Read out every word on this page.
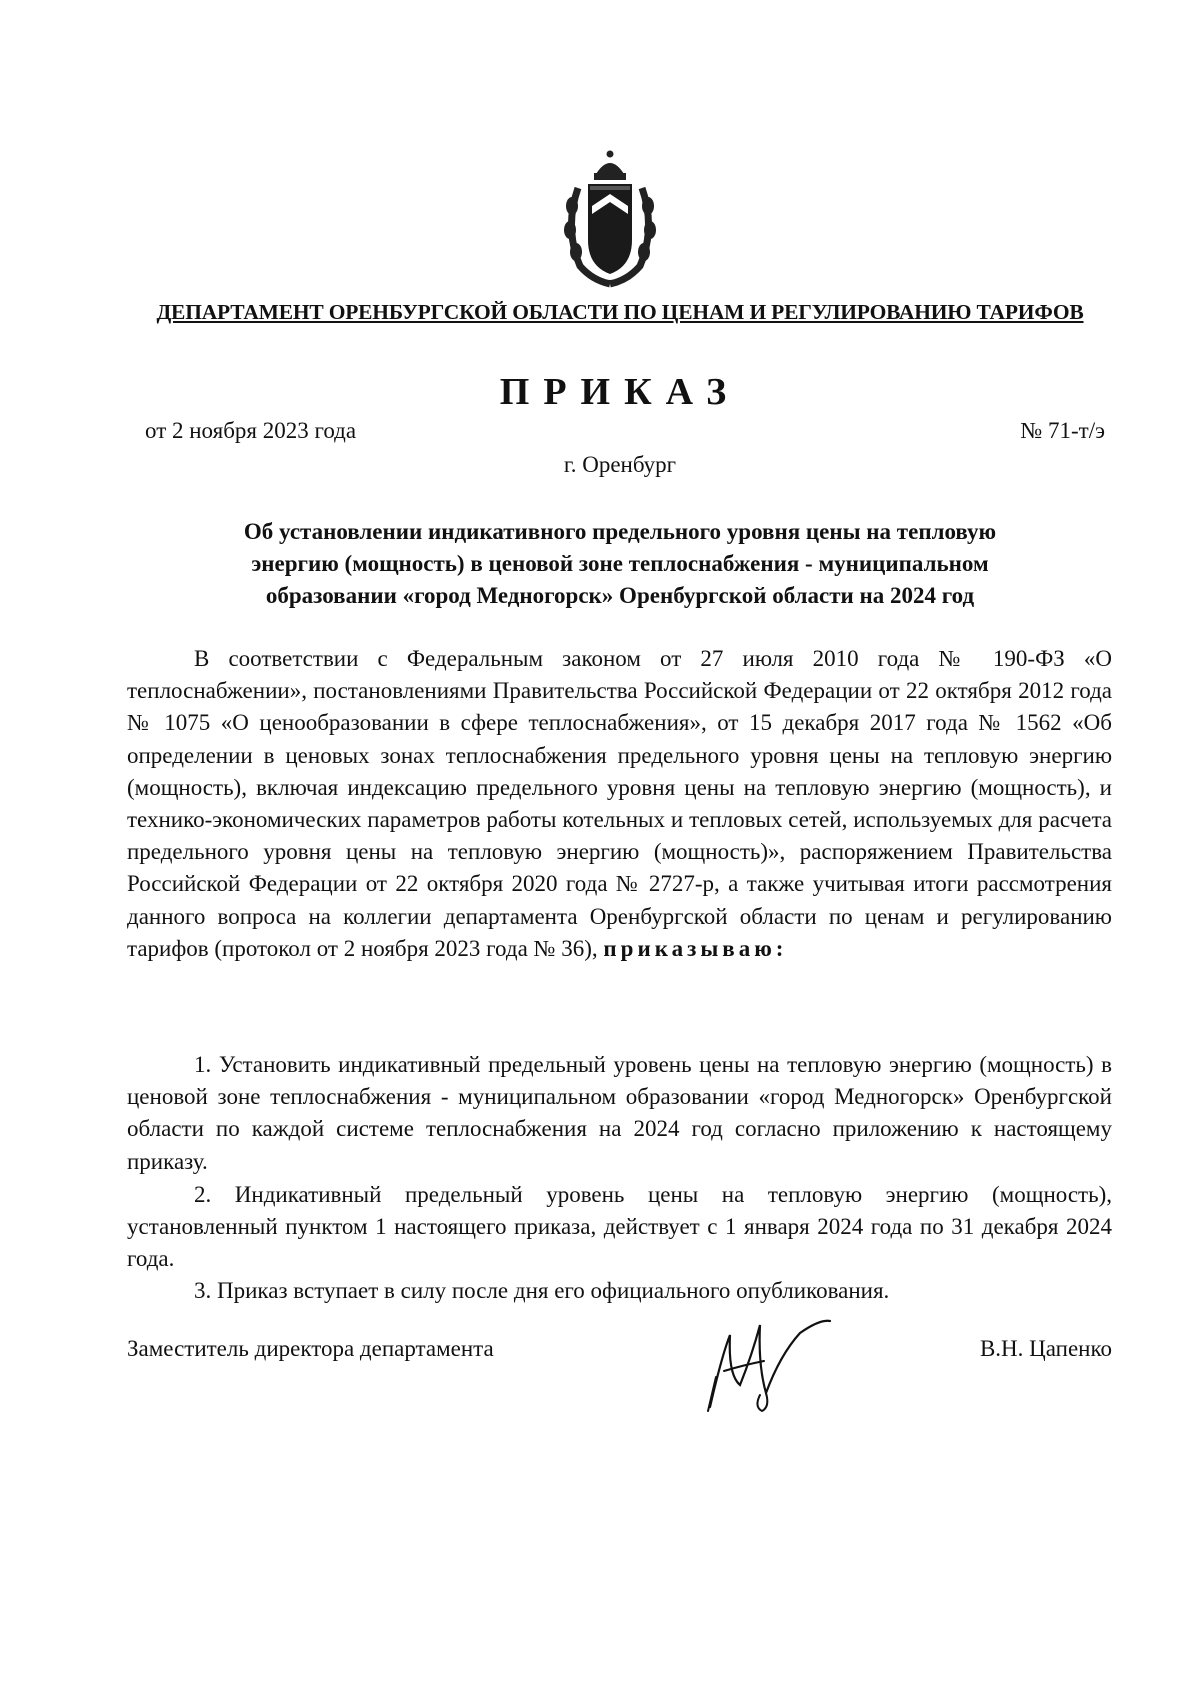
ДЕПАРТАМЕНТ ОРЕНБУРГСКОЙ ОБЛАСТИ ПО ЦЕНАМ И РЕГУЛИРОВАНИЮ ТАРИФОВ
ПРИКАЗ
от 2 ноября 2023 года	№ 71-т/э
г. Оренбург
Об установлении индикативного предельного уровня цены на тепловую
энергию (мощность) в ценовой зоне теплоснабжения - муниципальном
образовании «город Медногорск» Оренбургской области на 2024 год
В соответствии с Федеральным законом от 27 июля 2010 года № 190-ФЗ «О теплоснабжении», постановлениями Правительства Российской Федерации от 22 октября 2012 года № 1075 «О ценообразовании в сфере теплоснабжения», от 15 декабря 2017 года № 1562 «Об определении в ценовых зонах теплоснабжения предельного уровня цены на тепловую энергию (мощность), включая индексацию предельного уровня цены на тепловую энергию (мощность), и технико-экономических параметров работы котельных и тепловых сетей, используемых для расчета предельного уровня цены на тепловую энергию (мощность)», распоряжением Правительства Российской Федерации от 22 октября 2020 года № 2727-р, а также учитывая итоги рассмотрения данного вопроса на коллегии департамента Оренбургской области по ценам и регулированию тарифов (протокол от 2 ноября 2023 года № 36), приказываю:
1. Установить индикативный предельный уровень цены на тепловую энергию (мощность) в ценовой зоне теплоснабжения - муниципальном образовании «город Медногорск» Оренбургской области по каждой системе теплоснабжения на 2024 год согласно приложению к настоящему приказу.
2. Индикативный предельный уровень цены на тепловую энергию (мощность), установленный пунктом 1 настоящего приказа, действует с 1 января 2024 года по 31 декабря 2024 года.
3. Приказ вступает в силу после дня его официального опубликования.
Заместитель директора департамента	В.Н. Цапенко
